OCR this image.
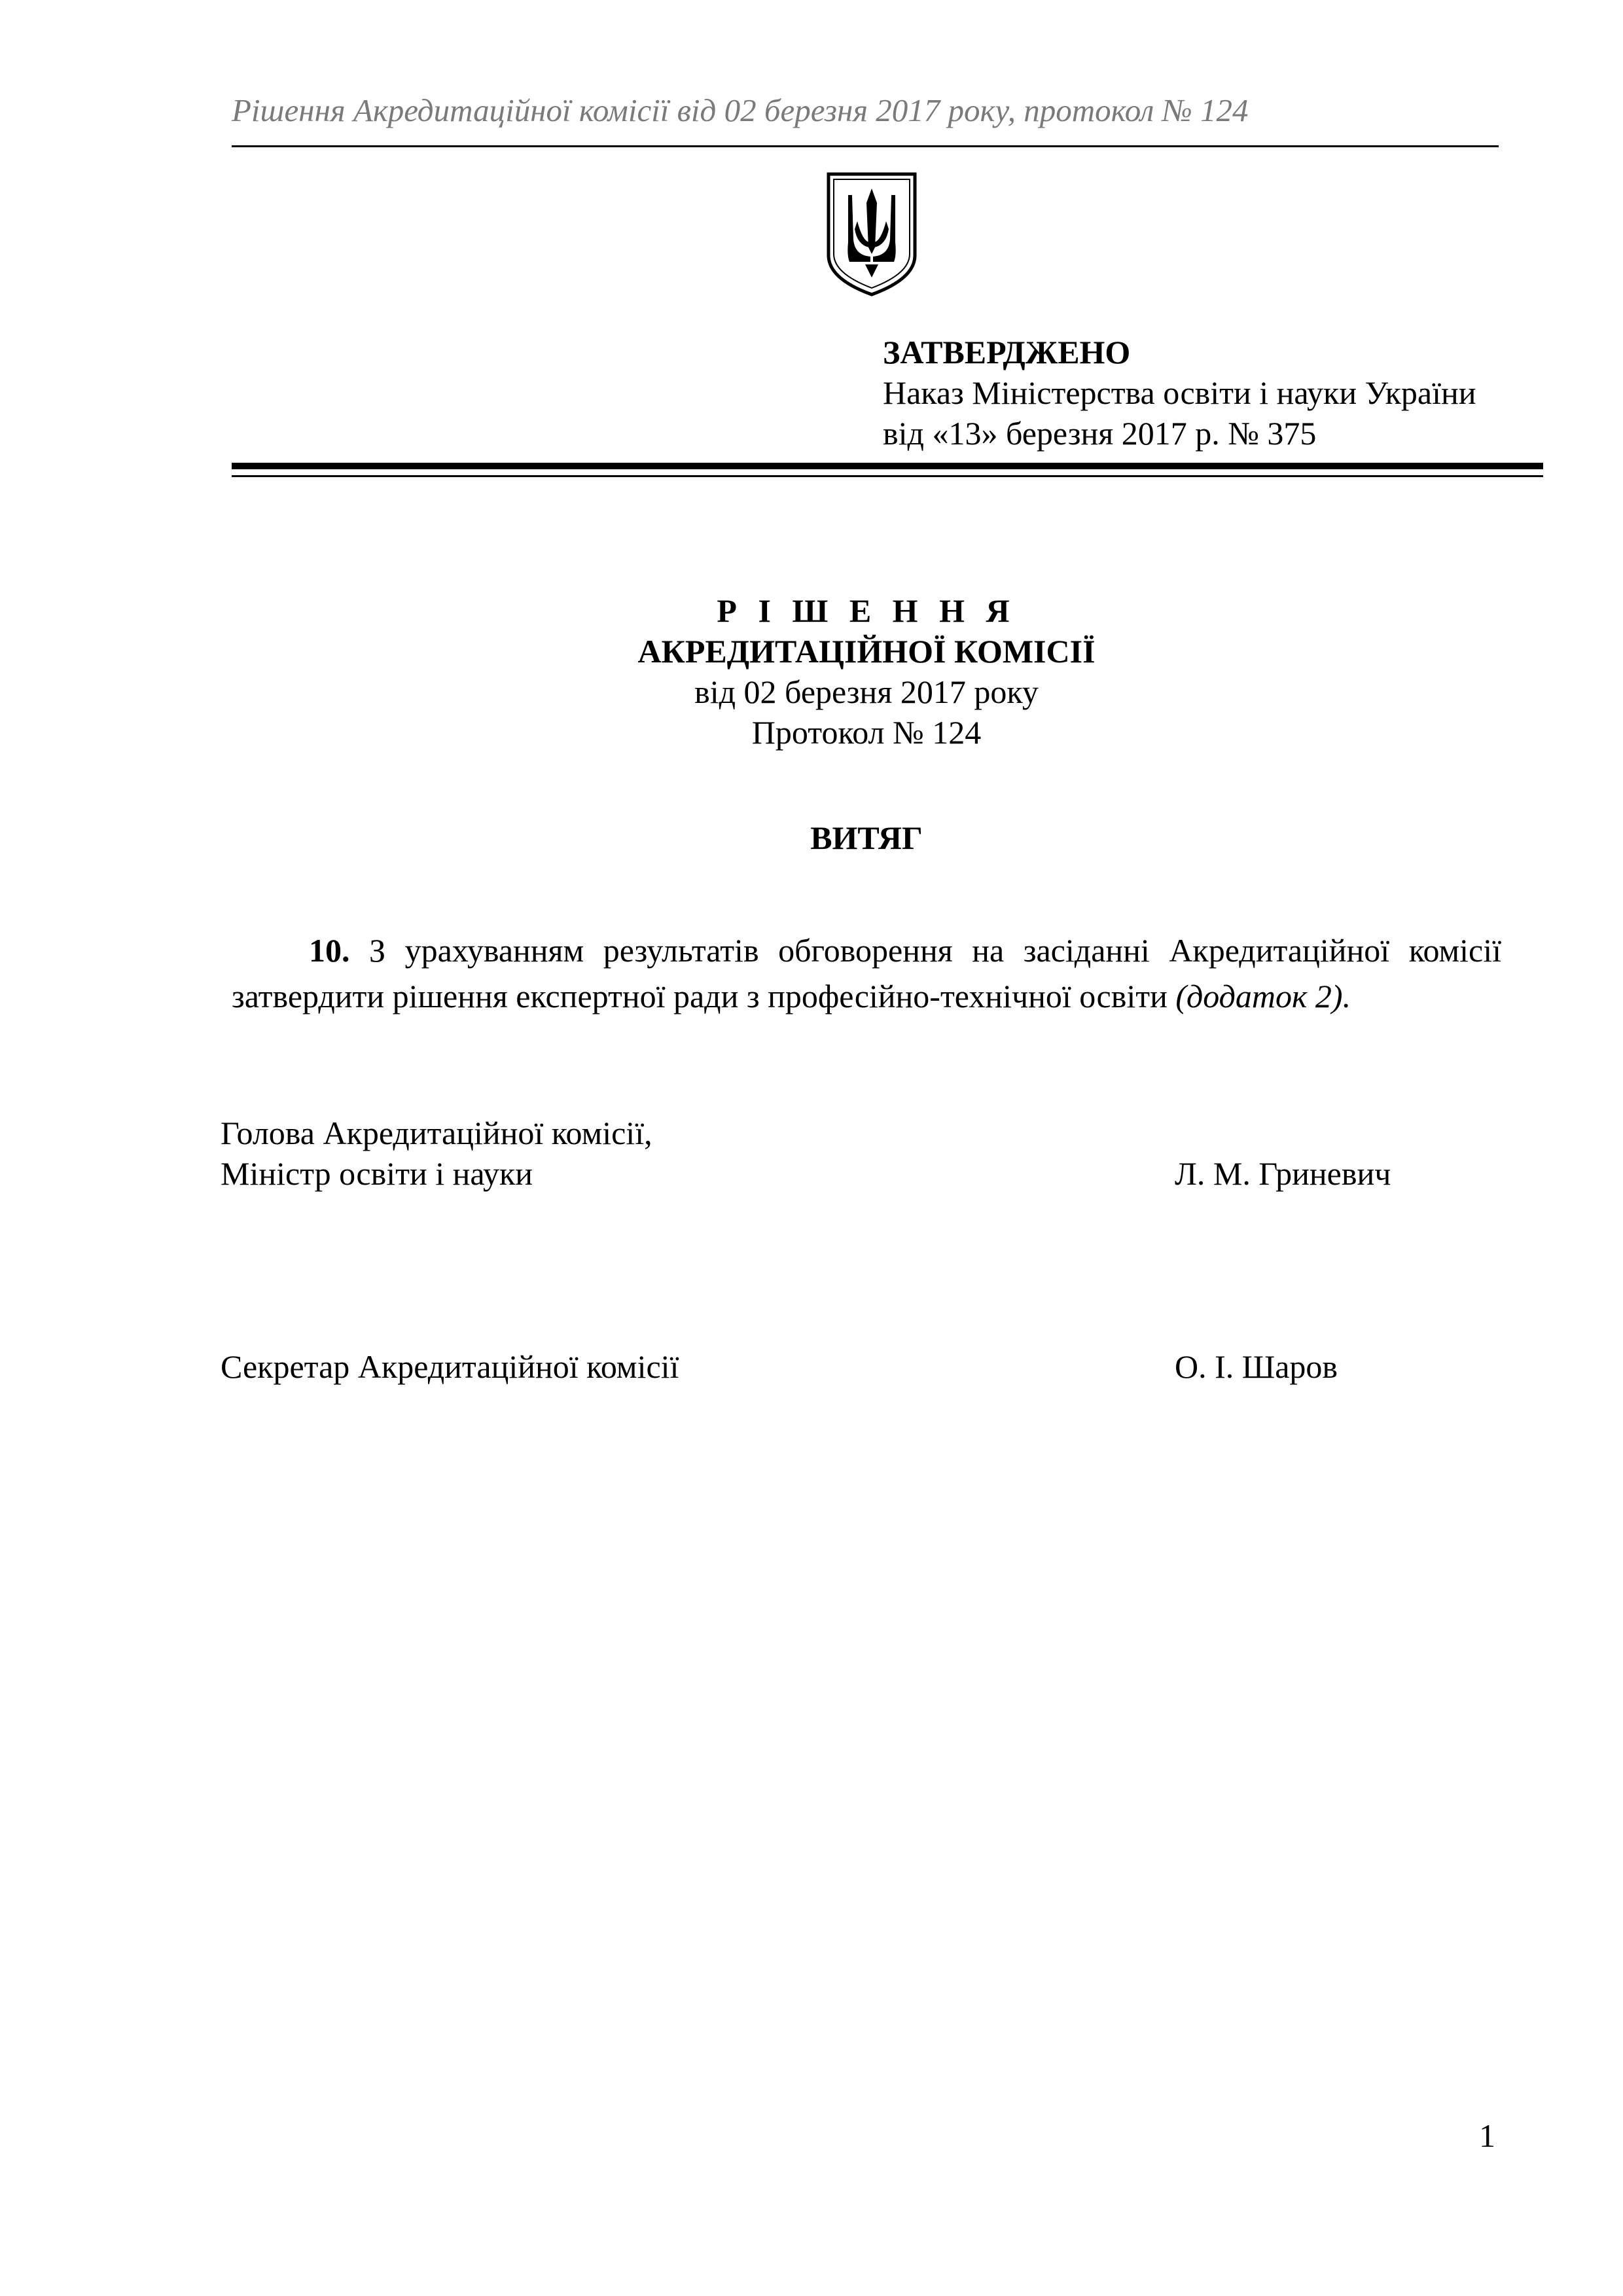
Рішення Акредитаційної комісії від 02 березня 2017 року, протокол № 124
ЗАТВЕРДЖЕНО
Наказ Міністерства освіти і науки України
від «13» березня 2017 р. № 375
Р І Ш Е Н Н Я
АКРЕДИТАЦІЙНОЇ КОМІСІЇ
від 02 березня 2017 року
Протокол № 124
ВИТЯГ
10. З урахуванням результатів обговорення на засіданні Акредитаційної комісії затвердити рішення експертної ради з професійно-технічної освіти (додаток 2).
Голова Акредитаційної комісії,
Міністр освіти і науки	Л. М. Гриневич
Секретар Акредитаційної комісії	О. І. Шаров
1
